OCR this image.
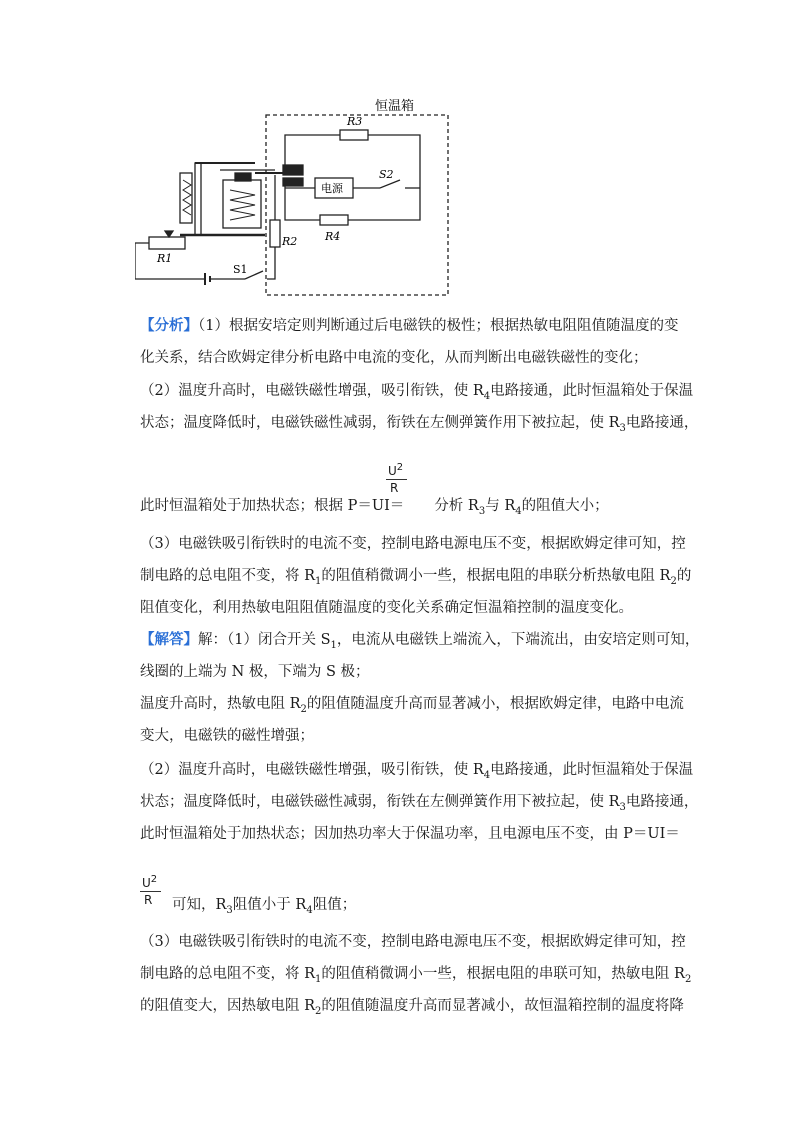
恒温箱
电源
R3
R4
S2
R1
R2
S1
【分析】（1）根据安培定则判断通过后电磁铁的极性；根据热敏电阻阻值随温度的变
化关系，结合欧姆定律分析电路中电流的变化，从而判断出电磁铁磁性的变化；
（2）温度升高时，电磁铁磁性增强，吸引衔铁，使 $R_4$电路接通，此时恒温箱处于保温
状态；温度降低时，电磁铁磁性减弱，衔铁在左侧弹簧作用下被拉起，使 $R_3$电路接通，
$\frac{U^2}{R}$
此时恒温箱处于加热状态；根据 P＝UI＝ 分析 $R_3$与 $R_4$的阻值大小；
（3）电磁铁吸引衔铁时的电流不变，控制电路电源电压不变，根据欧姆定律可知，控
制电路的总电阻不变，将 $R_1$的阻值稍微调小一些，根据电阻的串联分析热敏电阻 $R_2$的
阻值变化，利用热敏电阻阻值随温度的变化关系确定恒温箱控制的温度变化。
【解答】解：（1）闭合开关 $S_1$，电流从电磁铁上端流入，下端流出，由安培定则可知，
线圈的上端为 N 极，下端为 S 极；
温度升高时，热敏电阻 $R_2$的阻值随温度升高而显著减小，根据欧姆定律，电路中电流
变大，电磁铁的磁性增强；
（2）温度升高时，电磁铁磁性增强，吸引衔铁，使 $R_4$电路接通，此时恒温箱处于保温
状态；温度降低时，电磁铁磁性减弱，衔铁在左侧弹簧作用下被拉起，使 $R_3$电路接通，
此时恒温箱处于加热状态；因加热功率大于保温功率，且电源电压不变，由 P＝UI＝
$\frac{U^2}{R}$ 可知，$R_3$阻值小于 $R_4$阻值；
（3）电磁铁吸引衔铁时的电流不变，控制电路电源电压不变，根据欧姆定律可知，控
制电路的总电阻不变，将 $R_1$的阻值稍微调小一些，根据电阻的串联可知，热敏电阻 $R_2$
的阻值变大，因热敏电阻 $R_2$的阻值随温度升高而显著减小，故恒温箱控制的温度将降
